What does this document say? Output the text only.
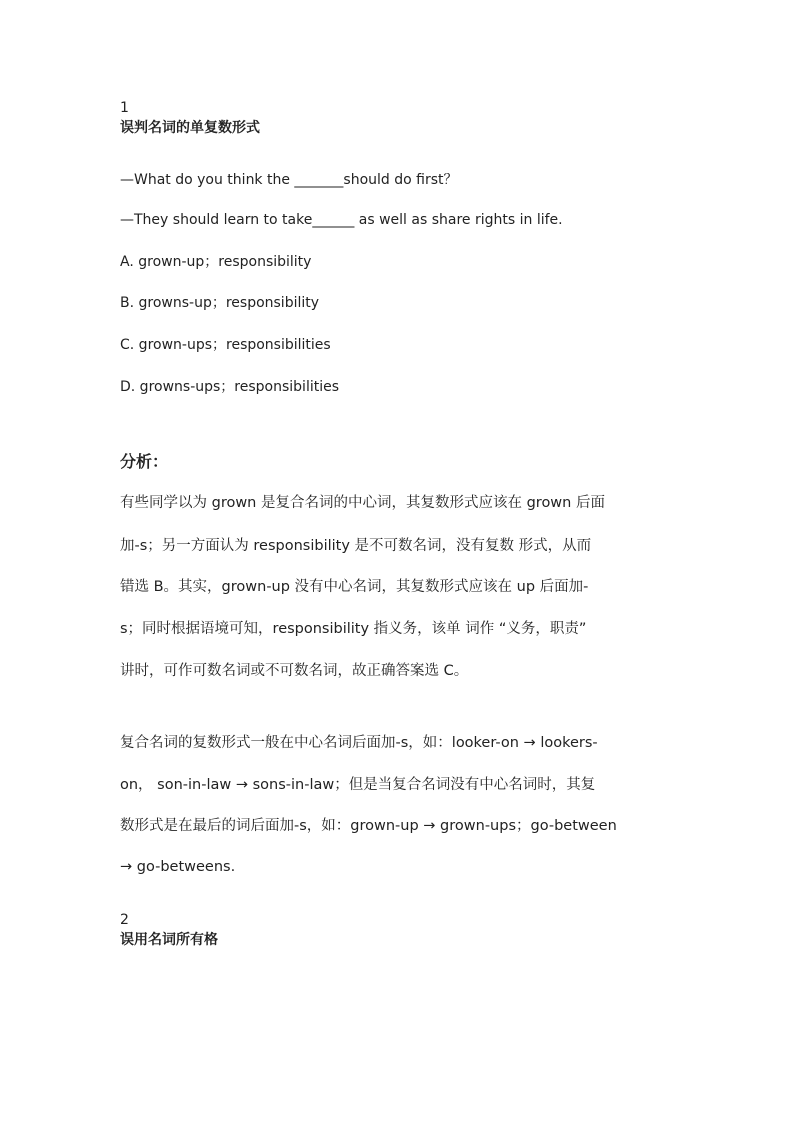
1
误判名词的单复数形式
—What do you think the _______should do first？
—They should learn to take______ as well as share rights in life.
A. grown-up；responsibility
B. growns-up；responsibility
C. grown-ups；responsibilities
D. growns-ups；responsibilities
分析：
有些同学以为 grown 是复合名词的中心词，其复数形式应该在 grown 后面
加-s；另一方面认为 responsibility 是不可数名词，没有复数 形式，从而
错选 B。其实，grown-up 没有中心名词，其复数形式应该在 up 后面加-
s；同时根据语境可知，responsibility 指义务，该单 词作 “义务，职责”
讲时，可作可数名词或不可数名词，故正确答案选 C。
复合名词的复数形式一般在中心名词后面加-s，如：looker-on → lookers-
on， son-in-law → sons-in-law；但是当复合名词没有中心名词时，其复
数形式是在最后的词后面加-s，如：grown-up → grown-ups；go-between
→ go-betweens.
2
误用名词所有格
